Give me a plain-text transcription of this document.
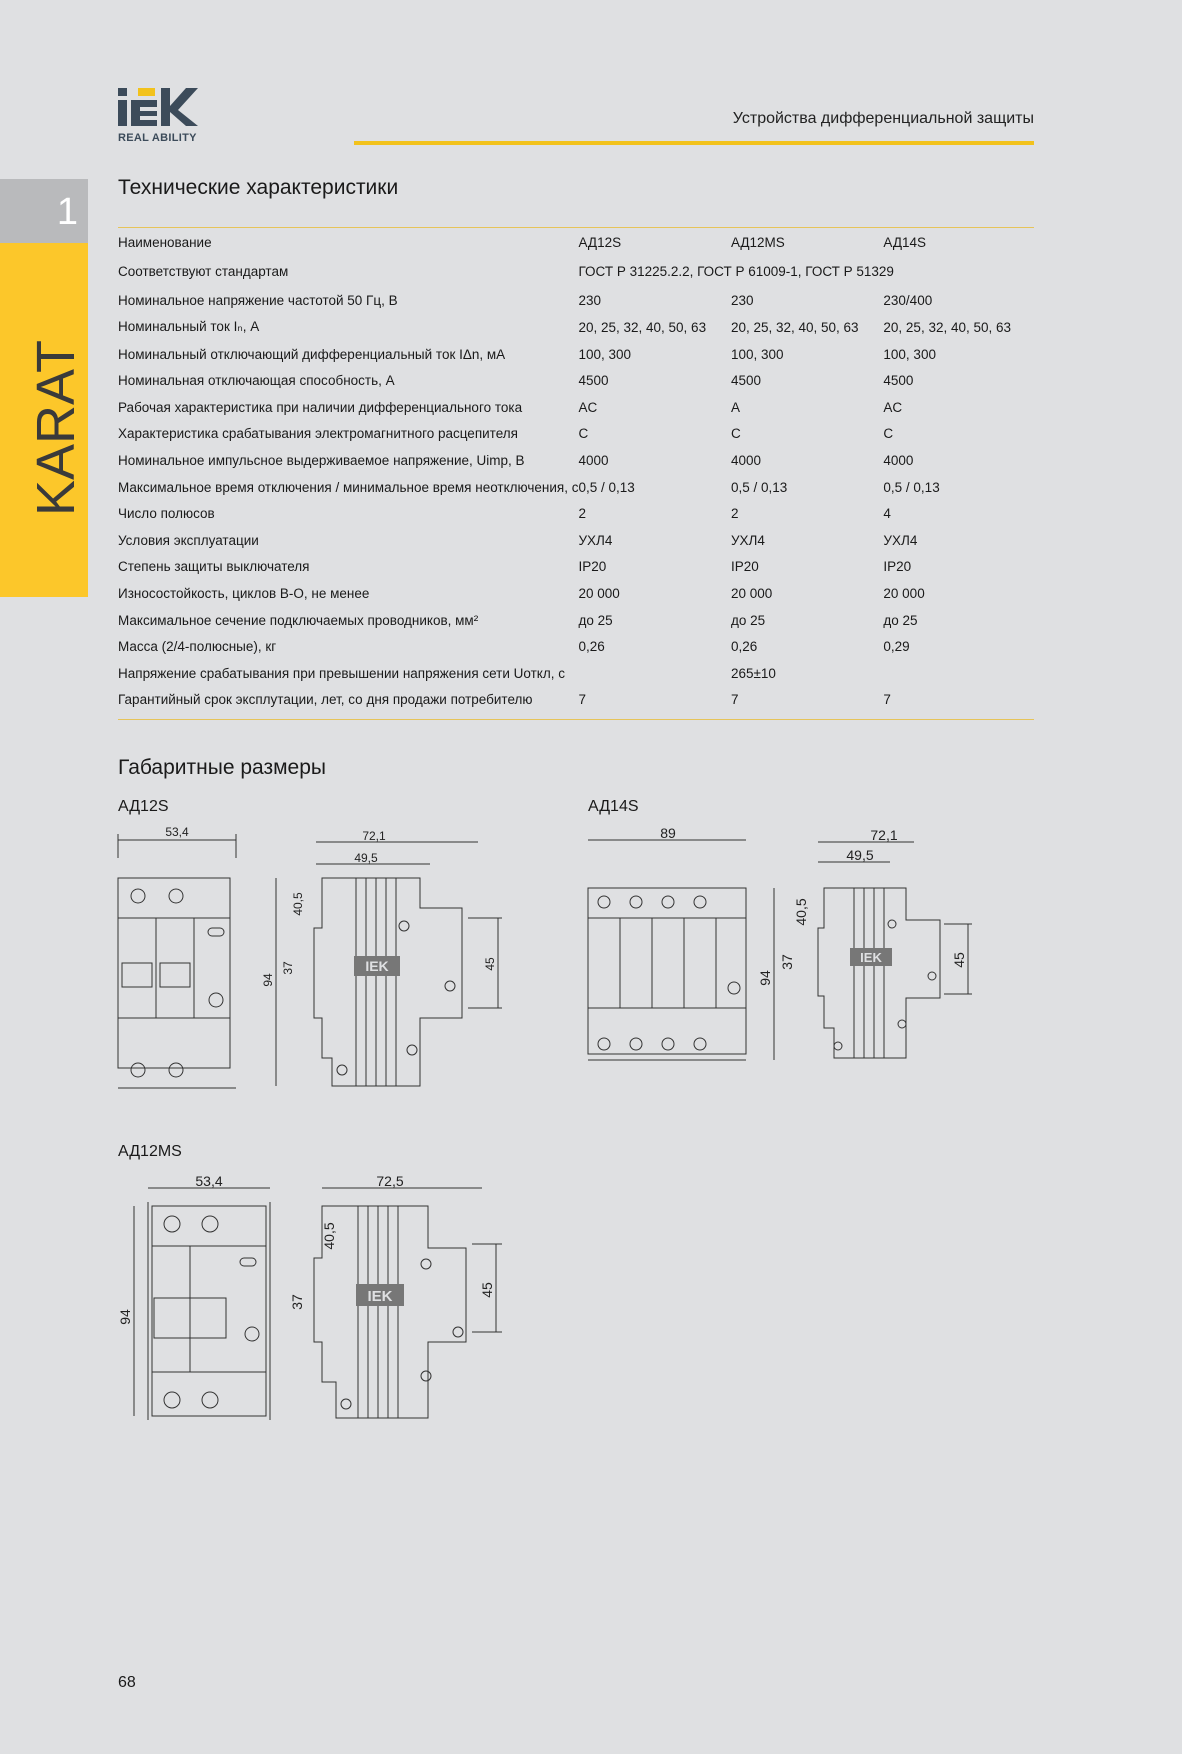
REAL ABILITY
Устройства дифференциальной защиты
1
KARAT
Технические характеристики
Наименование	АД12S	АД12MS	АД14S
Соответствуют стандартам	ГОСТ Р 31225.2.2, ГОСТ Р 61009-1, ГОСТ Р 51329		
Номинальное напряжение частотой 50 Гц, В	230	230	230/400
Номинальный ток Iₙ, А	20, 25, 32, 40, 50, 63	20, 25, 32, 40, 50, 63	20, 25, 32, 40, 50, 63
Номинальный отключающий дифференциальный ток IΔn, мА	100, 300	100, 300	100, 300
Номинальная отключающая способность, А	4500	4500	4500
Рабочая характеристика при наличии дифференциального тока	AC	A	AC
Характеристика срабатывания электромагнитного расцепителя	C	C	C
Номинальное импульсное выдерживаемое напряжение, Uimp, В	4000	4000	4000
Максимальное время отключения / минимальное время неотключения, с	0,5 / 0,13	0,5 / 0,13	0,5 / 0,13
Число полюсов	2	2	4
Условия эксплуатации	УХЛ4	УХЛ4	УХЛ4
Степень защиты выключателя	IP20	IP20	IP20
Износостойкость, циклов В-О, не менее	20 000	20 000	20 000
Максимальное сечение подключаемых проводников, мм²	до 25	до 25	до 25
Масса (2/4-полюсные), кг	0,26	0,26	0,29
Напряжение срабатывания при превышении напряжения сети Uоткл, с		265±10	
Гарантийный срок эксплутации, лет, со дня продажи потребителю	7	7	7
Габаритные размеры
АД12S	АД14S
АД12MS
53,4
IEK
72,1
49,5
94
40,5
37	45
89
IEK
72,1
49,5
94
40,5
37	45
53,4
94
IEK
72,5
40,5
37
45
68
